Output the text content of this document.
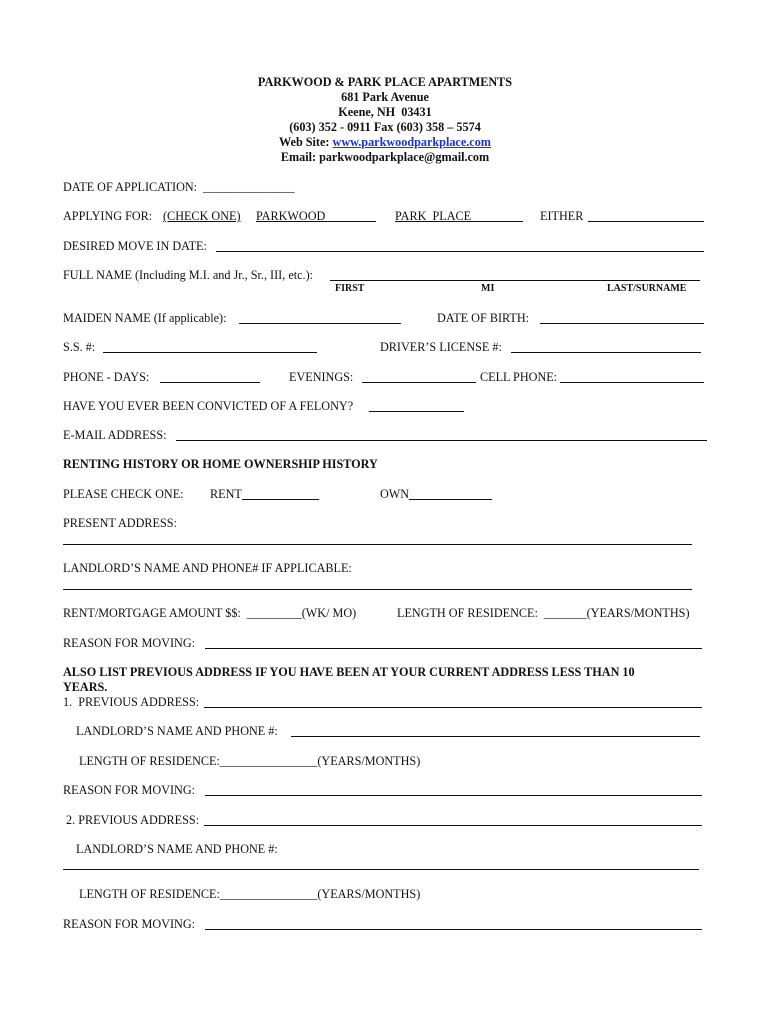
PARKWOOD & PARK PLACE APARTMENTS
681 Park Avenue
Keene, NH  03431
(603) 352 - 0911 Fax (603) 358 – 5574
Web Site: www.parkwoodparkplace.com
Email: parkwoodparkplace@gmail.com
DATE OF APPLICATION:  _______________
APPLYING FOR: (CHECK ONE) PARKWOOD	PARK  PLACE	EITHER
DESIRED MOVE IN DATE:
FULL NAME (Including M.I. and Jr., Sr., III, etc.):
FIRST	MI	LAST/SURNAME
MAIDEN NAME (If applicable):	DATE OF BIRTH:
S.S. #:	DRIVER’S LICENSE #:
PHONE - DAYS:	EVENINGS:	CELL PHONE:
HAVE YOU EVER BEEN CONVICTED OF A FELONY?
E-MAIL ADDRESS:
RENTING HISTORY OR HOME OWNERSHIP HISTORY
PLEASE CHECK ONE: RENT	OWN
PRESENT ADDRESS:
LANDLORD’S NAME AND PHONE# IF APPLICABLE:
RENT/MORTGAGE AMOUNT $$:  _________(WK/ MO)	LENGTH OF RESIDENCE:  _______(YEARS/MONTHS)
REASON FOR MOVING:
ALSO LIST PREVIOUS ADDRESS IF YOU HAVE BEEN AT YOUR CURRENT ADDRESS LESS THAN 10
YEARS.
1.  PREVIOUS ADDRESS:
LANDLORD’S NAME AND PHONE #:
LENGTH OF RESIDENCE:________________(YEARS/MONTHS)
REASON FOR MOVING:
2. PREVIOUS ADDRESS:
LANDLORD’S NAME AND PHONE #:
LENGTH OF RESIDENCE:________________(YEARS/MONTHS)
REASON FOR MOVING:
